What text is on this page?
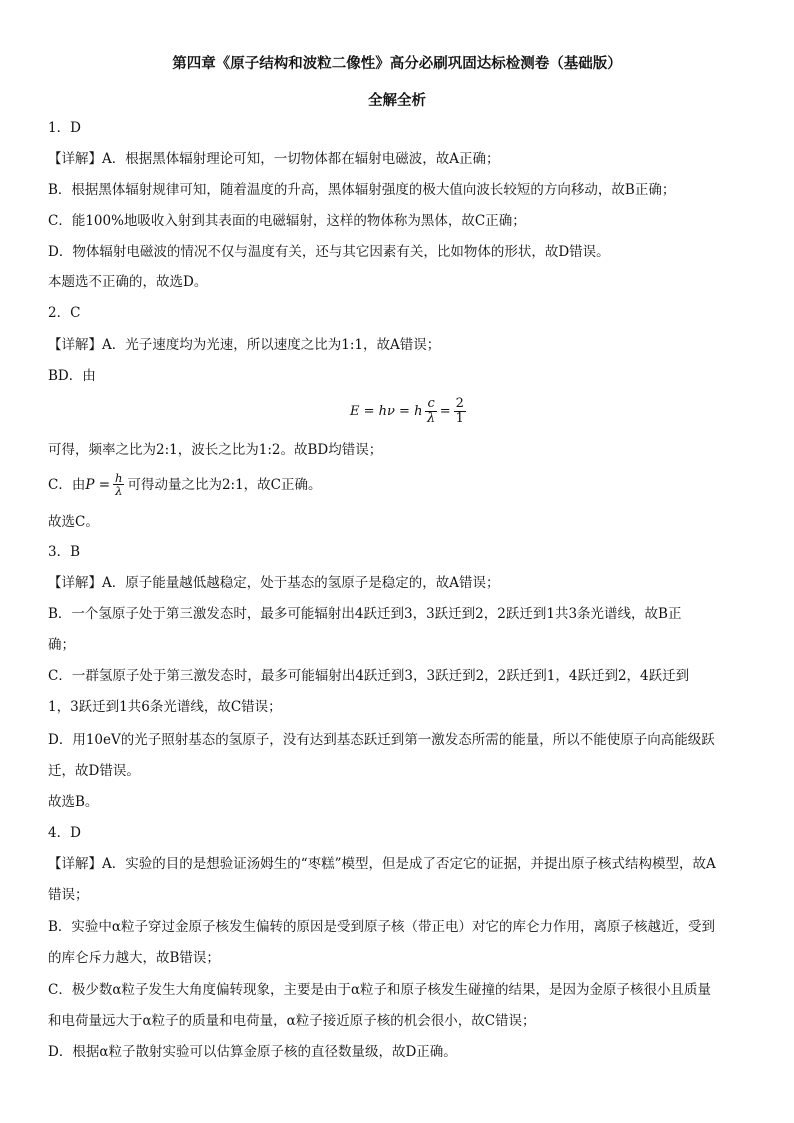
第四章《原子结构和波粒二像性》高分必刷巩固达标检测卷（基础版）
全解全析
1．D
【详解】A．根据黑体辐射理论可知，一切物体都在辐射电磁波，故A正确；
B．根据黑体辐射规律可知，随着温度的升高，黑体辐射强度的极大值向波长较短的方向移动，故B正确；
C．能100%地吸收入射到其表面的电磁辐射，这样的物体称为黑体，故C正确；
D．物体辐射电磁波的情况不仅与温度有关，还与其它因素有关，比如物体的形状，故D错误。
本题选不正确的，故选D。
2．C
【详解】A．光子速度均为光速，所以速度之比为1:1，故A错误；
BD．由
E = hν = h $\frac{c}{\lambda} = \frac{2}{1}$
可得，频率之比为2:1，波长之比为1:2。故BD均错误；
C．由 $P = \frac{h}{\lambda}$ 可得动量之比为2:1，故C正确。
故选C。
3．B
【详解】A．原子能量越低越稳定，处于基态的氢原子是稳定的，故A错误；
B．一个氢原子处于第三激发态时，最多可能辐射出4跃迁到3，3跃迁到2，2跃迁到1共3条光谱线，故B正
确；
C．一群氢原子处于第三激发态时，最多可能辐射出4跃迁到3，3跃迁到2，2跃迁到1，4跃迁到2，4跃迁到
1，3跃迁到1共6条光谱线，故C错误；
D．用10eV的光子照射基态的氢原子，没有达到基态跃迁到第一激发态所需的能量，所以不能使原子向高能级跃
迁，故D错误。
故选B。
4．D
【详解】A．实验的目的是想验证汤姆生的“枣糕”模型，但是成了否定它的证据，并提出原子核式结构模型，故A
错误；
B．实验中α粒子穿过金原子核发生偏转的原因是受到原子核（带正电）对它的库仑力作用，离原子核越近，受到
的库仑斥力越大，故B错误；
C．极少数α粒子发生大角度偏转现象，主要是由于α粒子和原子核发生碰撞的结果，是因为金原子核很小且质量
和电荷量远大于α粒子的质量和电荷量，α粒子接近原子核的机会很小，故C错误；
D．根据α粒子散射实验可以估算金原子核的直径数量级，故D正确。
